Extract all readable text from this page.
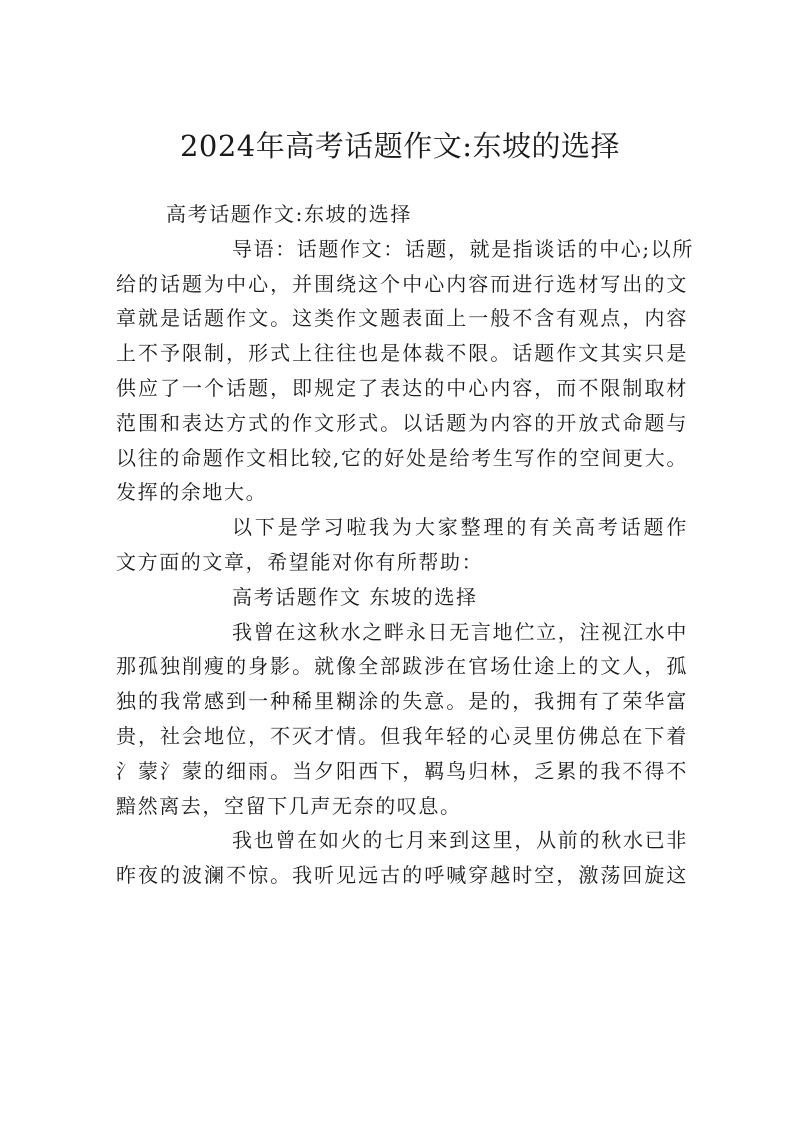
2024年高考话题作文:东坡的选择
高考话题作文:东坡的选择
导语：话题作文：话题，就是指谈话的中心;以所
给的话题为中心，并围绕这个中心内容而进行选材写出的文
章就是话题作文。这类作文题表面上一般不含有观点，内容
上不予限制，形式上往往也是体裁不限。话题作文其实只是
供应了一个话题，即规定了表达的中心内容，而不限制取材
范围和表达方式的作文形式。以话题为内容的开放式命题与
以往的命题作文相比较,它的好处是给考生写作的空间更大。
发挥的余地大。
以下是学习啦我为大家整理的有关高考话题作
文方面的文章，希望能对你有所帮助：
高考话题作文 东坡的选择
我曾在这秋水之畔永日无言地伫立，注视江水中
那孤独削瘦的身影。就像全部跋涉在官场仕途上的文人，孤
独的我常感到一种稀里糊涂的失意。是的，我拥有了荣华富
贵，社会地位，不灭才情。但我年轻的心灵里仿佛总在下着
氵蒙氵蒙的细雨。当夕阳西下，羁鸟归林，乏累的我不得不
黯然离去，空留下几声无奈的叹息。
我也曾在如火的七月来到这里，从前的秋水已非
昨夜的波澜不惊。我听见远古的呼喊穿越时空，激荡回旋这
